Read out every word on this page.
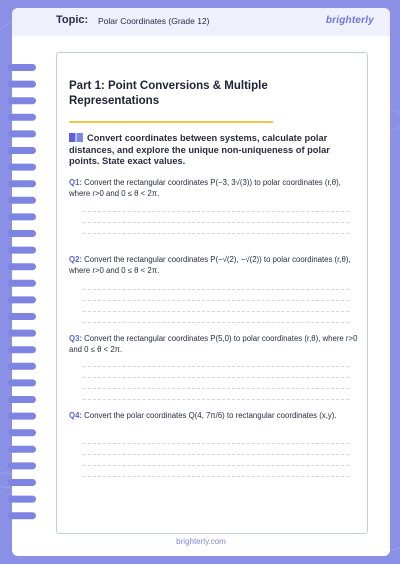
Topic: Polar Coordinates (Grade 12)	brighterly
Part 1: Point Conversions & Multiple Representations
Convert coordinates between systems, calculate polar distances, and explore the unique non-uniqueness of polar points. State exact values.
Q1: Convert the rectangular coordinates P(−3, 3√(3)) to polar coordinates (r,θ), where r>0 and 0 ≤ θ < 2π.
Q2: Convert the rectangular coordinates P(−√(2), −√(2)) to polar coordinates (r,θ), where r>0 and 0 ≤ θ < 2π.
Q3: Convert the rectangular coordinates P(5,0) to polar coordinates (r,θ), where r>0 and 0 ≤ θ < 2π.
Q4: Convert the polar coordinates Q(4, 7π/6) to rectangular coordinates (x,y).
brighterly.com
